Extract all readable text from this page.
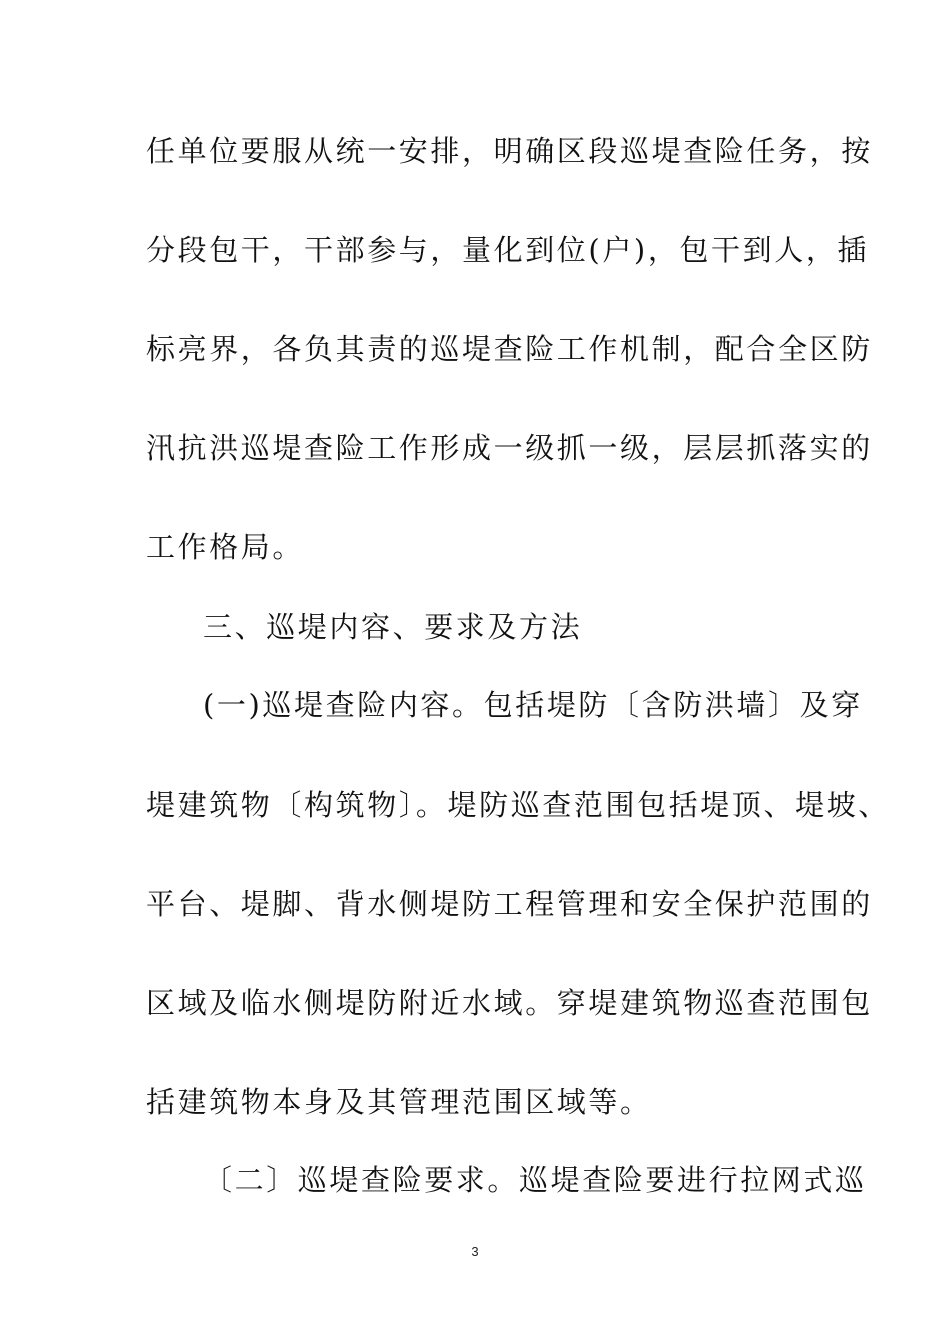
任单位要服从统一安排，明确区段巡堤查险任务，按
分段包干，干部参与，量化到位(户)，包干到人，插
标亮界，各负其责的巡堤查险工作机制，配合全区防
汛抗洪巡堤查险工作形成一级抓一级，层层抓落实的
工作格局。
三、巡堤内容、要求及方法
(一)巡堤查险内容。包括堤防〔含防洪墙〕及穿
堤建筑物〔构筑物〕。堤防巡查范围包括堤顶、堤坡、
平台、堤脚、背水侧堤防工程管理和安全保护范围的
区域及临水侧堤防附近水域。穿堤建筑物巡查范围包
括建筑物本身及其管理范围区域等。
〔二〕巡堤查险要求。巡堤查险要进行拉网式巡
3
